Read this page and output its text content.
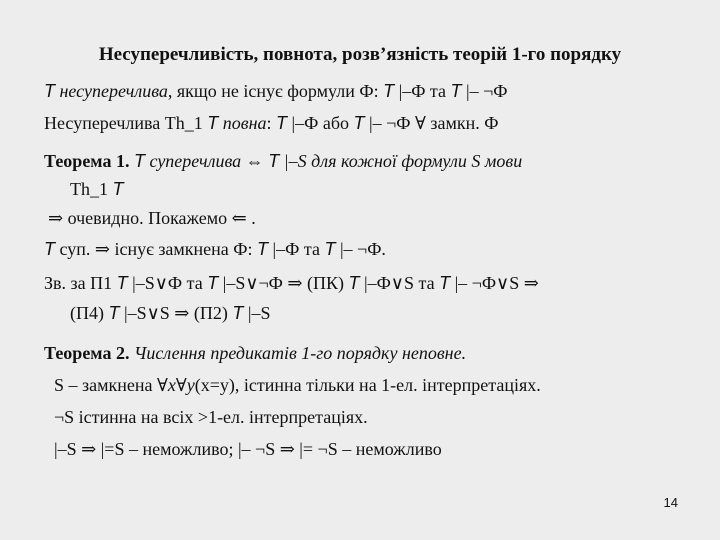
Несуперечливість, повнота, розв’язність теорій 1-го порядку
T несуперечлива, якщо не існує формули Ф: T |–Ф та T |– ¬Ф
Несуперечлива Th_1 T повна: T |–Ф або T |– ¬Ф ∀ замкн. Ф
Теорема 1. T суперечлива ⇔ T |–S для кожної формули S мови
Th_1 T
⇒ очевидно. Покажемо ⇐ .
T суп. ⇒ існує замкнена Ф: T |–Ф та T |– ¬Ф.
Зв. за П1 T |–S∨Ф та T |–S∨¬Ф ⇒ (ПК) T |–Ф∨S та T |– ¬Ф∨S ⇒
(П4) T |–S∨S ⇒ (П2) T |–S
Теорема 2. Числення предикатів 1-го порядку неповне.
S – замкнена ∀x∀y(x=y), істинна тільки на 1-ел. інтерпретаціях.
¬S істинна на всіх >1-ел. інтерпретаціях.
|–S ⇒ |=S – неможливо; |– ¬S ⇒ |= ¬S – неможливо
14
